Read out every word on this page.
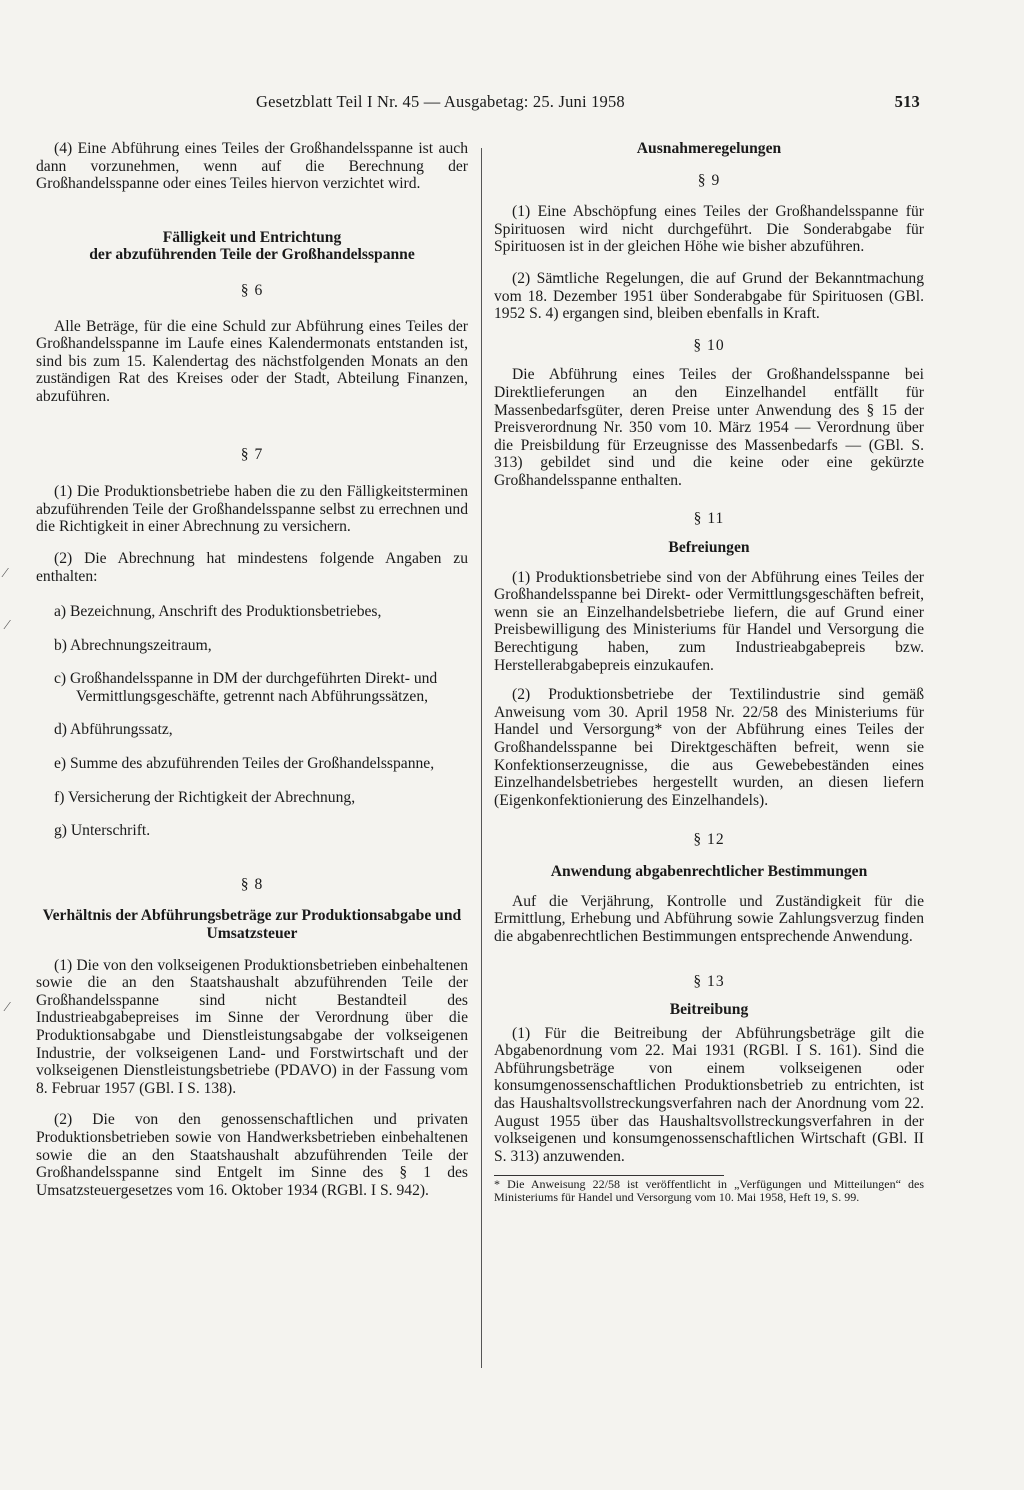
Gesetzblatt Teil I Nr. 45 — Ausgabetag: 25. Juni 1958	513
⁄
⁄
⁄

(4) Eine Abführung eines Teiles der Großhandelsspanne ist auch dann vorzunehmen, wenn auf die Berechnung der Großhandelsspanne oder eines Teiles hiervon verzichtet wird.

Fälligkeit und Entrichtung

der abzuführenden Teile der Großhandelsspanne

§ 6

Alle Beträge, für die eine Schuld zur Abführung eines Teiles der Großhandelsspanne im Laufe eines Kalendermonats entstanden ist, sind bis zum 15. Kalendertag des nächstfolgenden Monats an den zuständigen Rat des Kreises oder der Stadt, Abteilung Finanzen, abzuführen.

§ 7

(1) Die Produktionsbetriebe haben die zu den Fälligkeitsterminen abzuführenden Teile der Großhandelsspanne selbst zu errechnen und die Richtigkeit in einer Abrechnung zu versichern.

(2) Die Abrechnung hat mindestens folgende Angaben zu enthalten:

a) Bezeichnung, Anschrift des Produktionsbetriebes,

b) Abrechnungszeitraum,

c) Großhandelsspanne in DM der durchgeführten Direkt- und Vermittlungsgeschäfte, getrennt nach Abführungssätzen,

d) Abführungssatz,

e) Summe des abzuführenden Teiles der Großhandelsspanne,

f) Versicherung der Richtigkeit der Abrechnung,

g) Unterschrift.

§ 8

Verhältnis der Abführungsbeträge zur Produktionsabgabe und Umsatzsteuer

(1) Die von den volkseigenen Produktionsbetrieben einbehaltenen sowie die an den Staatshaushalt abzuführenden Teile der Großhandelsspanne sind nicht Bestandteil des Industrieabgabepreises im Sinne der Verordnung über die Produktionsabgabe und Dienstleistungsabgabe der volkseigenen Industrie, der volkseigenen Land- und Forstwirtschaft und der volkseigenen Dienstleistungsbetriebe (PDAVO) in der Fassung vom 8. Februar 1957 (GBl. I S. 138).

(2) Die von den genossenschaftlichen und privaten Produktionsbetrieben sowie von Handwerksbetrieben einbehaltenen sowie die an den Staatshaushalt abzuführenden Teile der Großhandelsspanne sind Entgelt im Sinne des § 1 des Umsatzsteuergesetzes vom 16. Oktober 1934 (RGBl. I S. 942).

Ausnahmeregelungen

§ 9

(1) Eine Abschöpfung eines Teiles der Großhandelsspanne für Spirituosen wird nicht durchgeführt. Die Sonderabgabe für Spirituosen ist in der gleichen Höhe wie bisher abzuführen.

(2) Sämtliche Regelungen, die auf Grund der Bekanntmachung vom 18. Dezember 1951 über Sonderabgabe für Spirituosen (GBl. 1952 S. 4) ergangen sind, bleiben ebenfalls in Kraft.

§ 10

Die Abführung eines Teiles der Großhandelsspanne bei Direktlieferungen an den Einzelhandel entfällt für Massenbedarfsgüter, deren Preise unter Anwendung des § 15 der Preisverordnung Nr. 350 vom 10. März 1954 — Verordnung über die Preisbildung für Erzeugnisse des Massenbedarfs — (GBl. S. 313) gebildet sind und die keine oder eine gekürzte Großhandelsspanne enthalten.

§ 11

Befreiungen

(1) Produktionsbetriebe sind von der Abführung eines Teiles der Großhandelsspanne bei Direkt- oder Vermittlungsgeschäften befreit, wenn sie an Einzelhandelsbetriebe liefern, die auf Grund einer Preisbewilligung des Ministeriums für Handel und Versorgung die Berechtigung haben, zum Industrieabgabepreis bzw. Herstellerabgabepreis einzukaufen.

(2) Produktionsbetriebe der Textilindustrie sind gemäß Anweisung vom 30. April 1958 Nr. 22/58 des Ministeriums für Handel und Versorgung* von der Abführung eines Teiles der Großhandelsspanne bei Direktgeschäften befreit, wenn sie Konfektionserzeugnisse, die aus Gewebebeständen eines Einzelhandelsbetriebes hergestellt wurden, an diesen liefern (Eigenkonfektionierung des Einzelhandels).

§ 12

Anwendung abgabenrechtlicher Bestimmungen

Auf die Verjährung, Kontrolle und Zuständigkeit für die Ermittlung, Erhebung und Abführung sowie Zahlungsverzug finden die abgabenrechtlichen Bestimmungen entsprechende Anwendung.

§ 13

Beitreibung

(1) Für die Beitreibung der Abführungsbeträge gilt die Abgabenordnung vom 22. Mai 1931 (RGBl. I S. 161). Sind die Abführungsbeträge von einem volkseigenen oder konsumgenossenschaftlichen Produktionsbetrieb zu entrichten, ist das Haushaltsvollstreckungsverfahren nach der Anordnung vom 22. August 1955 über das Haushaltsvollstreckungsverfahren in der volkseigenen und konsumgenossenschaftlichen Wirtschaft (GBl. II S. 313) anzuwenden.

* Die Anweisung 22/58 ist veröffentlicht in „Verfügungen und Mitteilungen“ des Ministeriums für Handel und Versorgung vom 10. Mai 1958, Heft 19, S. 99.
